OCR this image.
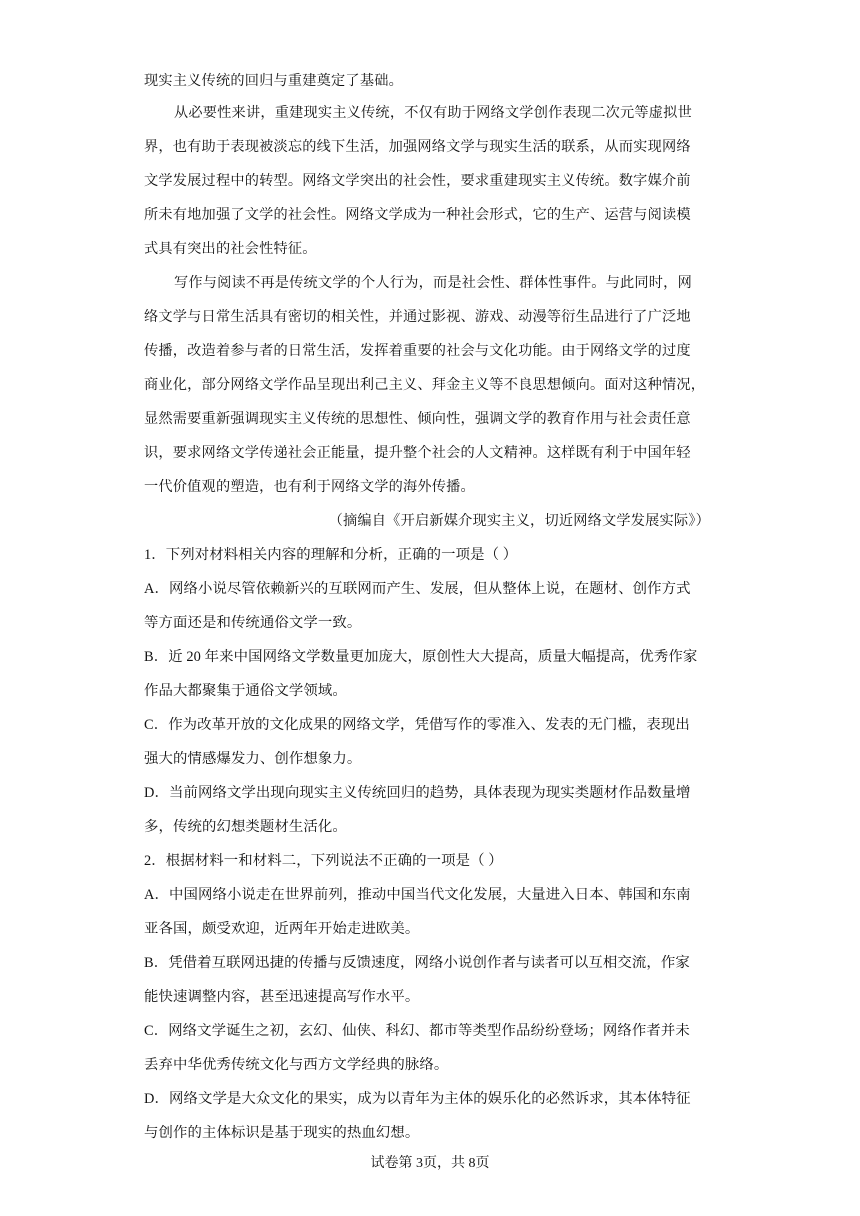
现实主义传统的回归与重建奠定了基础。
从必要性来讲，重建现实主义传统，不仅有助于网络文学创作表现二次元等虚拟世
界，也有助于表现被淡忘的线下生活，加强网络文学与现实生活的联系，从而实现网络
文学发展过程中的转型。网络文学突出的社会性，要求重建现实主义传统。数字媒介前
所未有地加强了文学的社会性。网络文学成为一种社会形式，它的生产、运营与阅读模
式具有突出的社会性特征。
写作与阅读不再是传统文学的个人行为，而是社会性、群体性事件。与此同时，网
络文学与日常生活具有密切的相关性，并通过影视、游戏、动漫等衍生品进行了广泛地
传播，改造着参与者的日常生活，发挥着重要的社会与文化功能。由于网络文学的过度
商业化，部分网络文学作品呈现出利己主义、拜金主义等不良思想倾向。面对这种情况，
显然需要重新强调现实主义传统的思想性、倾向性，强调文学的教育作用与社会责任意
识，要求网络文学传递社会正能量，提升整个社会的人文精神。这样既有利于中国年轻
一代价值观的塑造，也有利于网络文学的海外传播。
（摘编自《开启新媒介现实主义，切近网络文学发展实际》）
1．下列对材料相关内容的理解和分析，正确的一项是（ ）
A．网络小说尽管依赖新兴的互联网而产生、发展，但从整体上说，在题材、创作方式
等方面还是和传统通俗文学一致。
B．近 20 年来中国网络文学数量更加庞大，原创性大大提高，质量大幅提高，优秀作家
作品大都聚集于通俗文学领域。
C．作为改革开放的文化成果的网络文学，凭借写作的零准入、发表的无门槛，表现出
强大的情感爆发力、创作想象力。
D．当前网络文学出现向现实主义传统回归的趋势，具体表现为现实类题材作品数量增
多，传统的幻想类题材生活化。
2．根据材料一和材料二，下列说法不正确的一项是（ ）
A．中国网络小说走在世界前列，推动中国当代文化发展，大量进入日本、韩国和东南
亚各国，颇受欢迎，近两年开始走进欧美。
B．凭借着互联网迅捷的传播与反馈速度，网络小说创作者与读者可以互相交流，作家
能快速调整内容，甚至迅速提高写作水平。
C．网络文学诞生之初，玄幻、仙侠、科幻、都市等类型作品纷纷登场；网络作者并未
丢弃中华优秀传统文化与西方文学经典的脉络。
D．网络文学是大众文化的果实，成为以青年为主体的娱乐化的必然诉求，其本体特征
与创作的主体标识是基于现实的热血幻想。
试卷第 3页，共 8页
